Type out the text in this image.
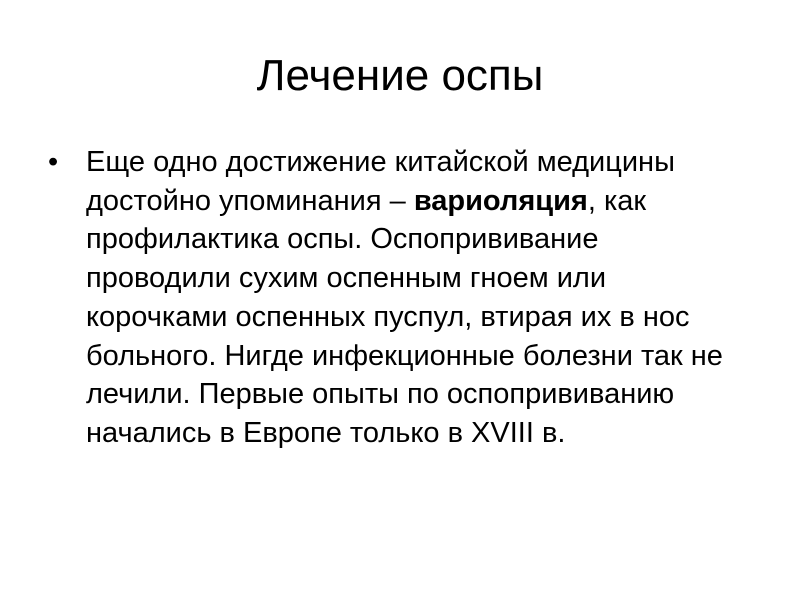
Лечение оспы
• Еще одно достижение китайской медицины достойно упоминания – вариоляция, как профилактика оспы. Оспопрививание проводили сухим оспенным гноем или корочками оспенных пуспул, втирая их в нос больного. Нигде инфекционные болезни так не лечили. Первые опыты по оспопрививанию начались в Европе только в XVIII в.
